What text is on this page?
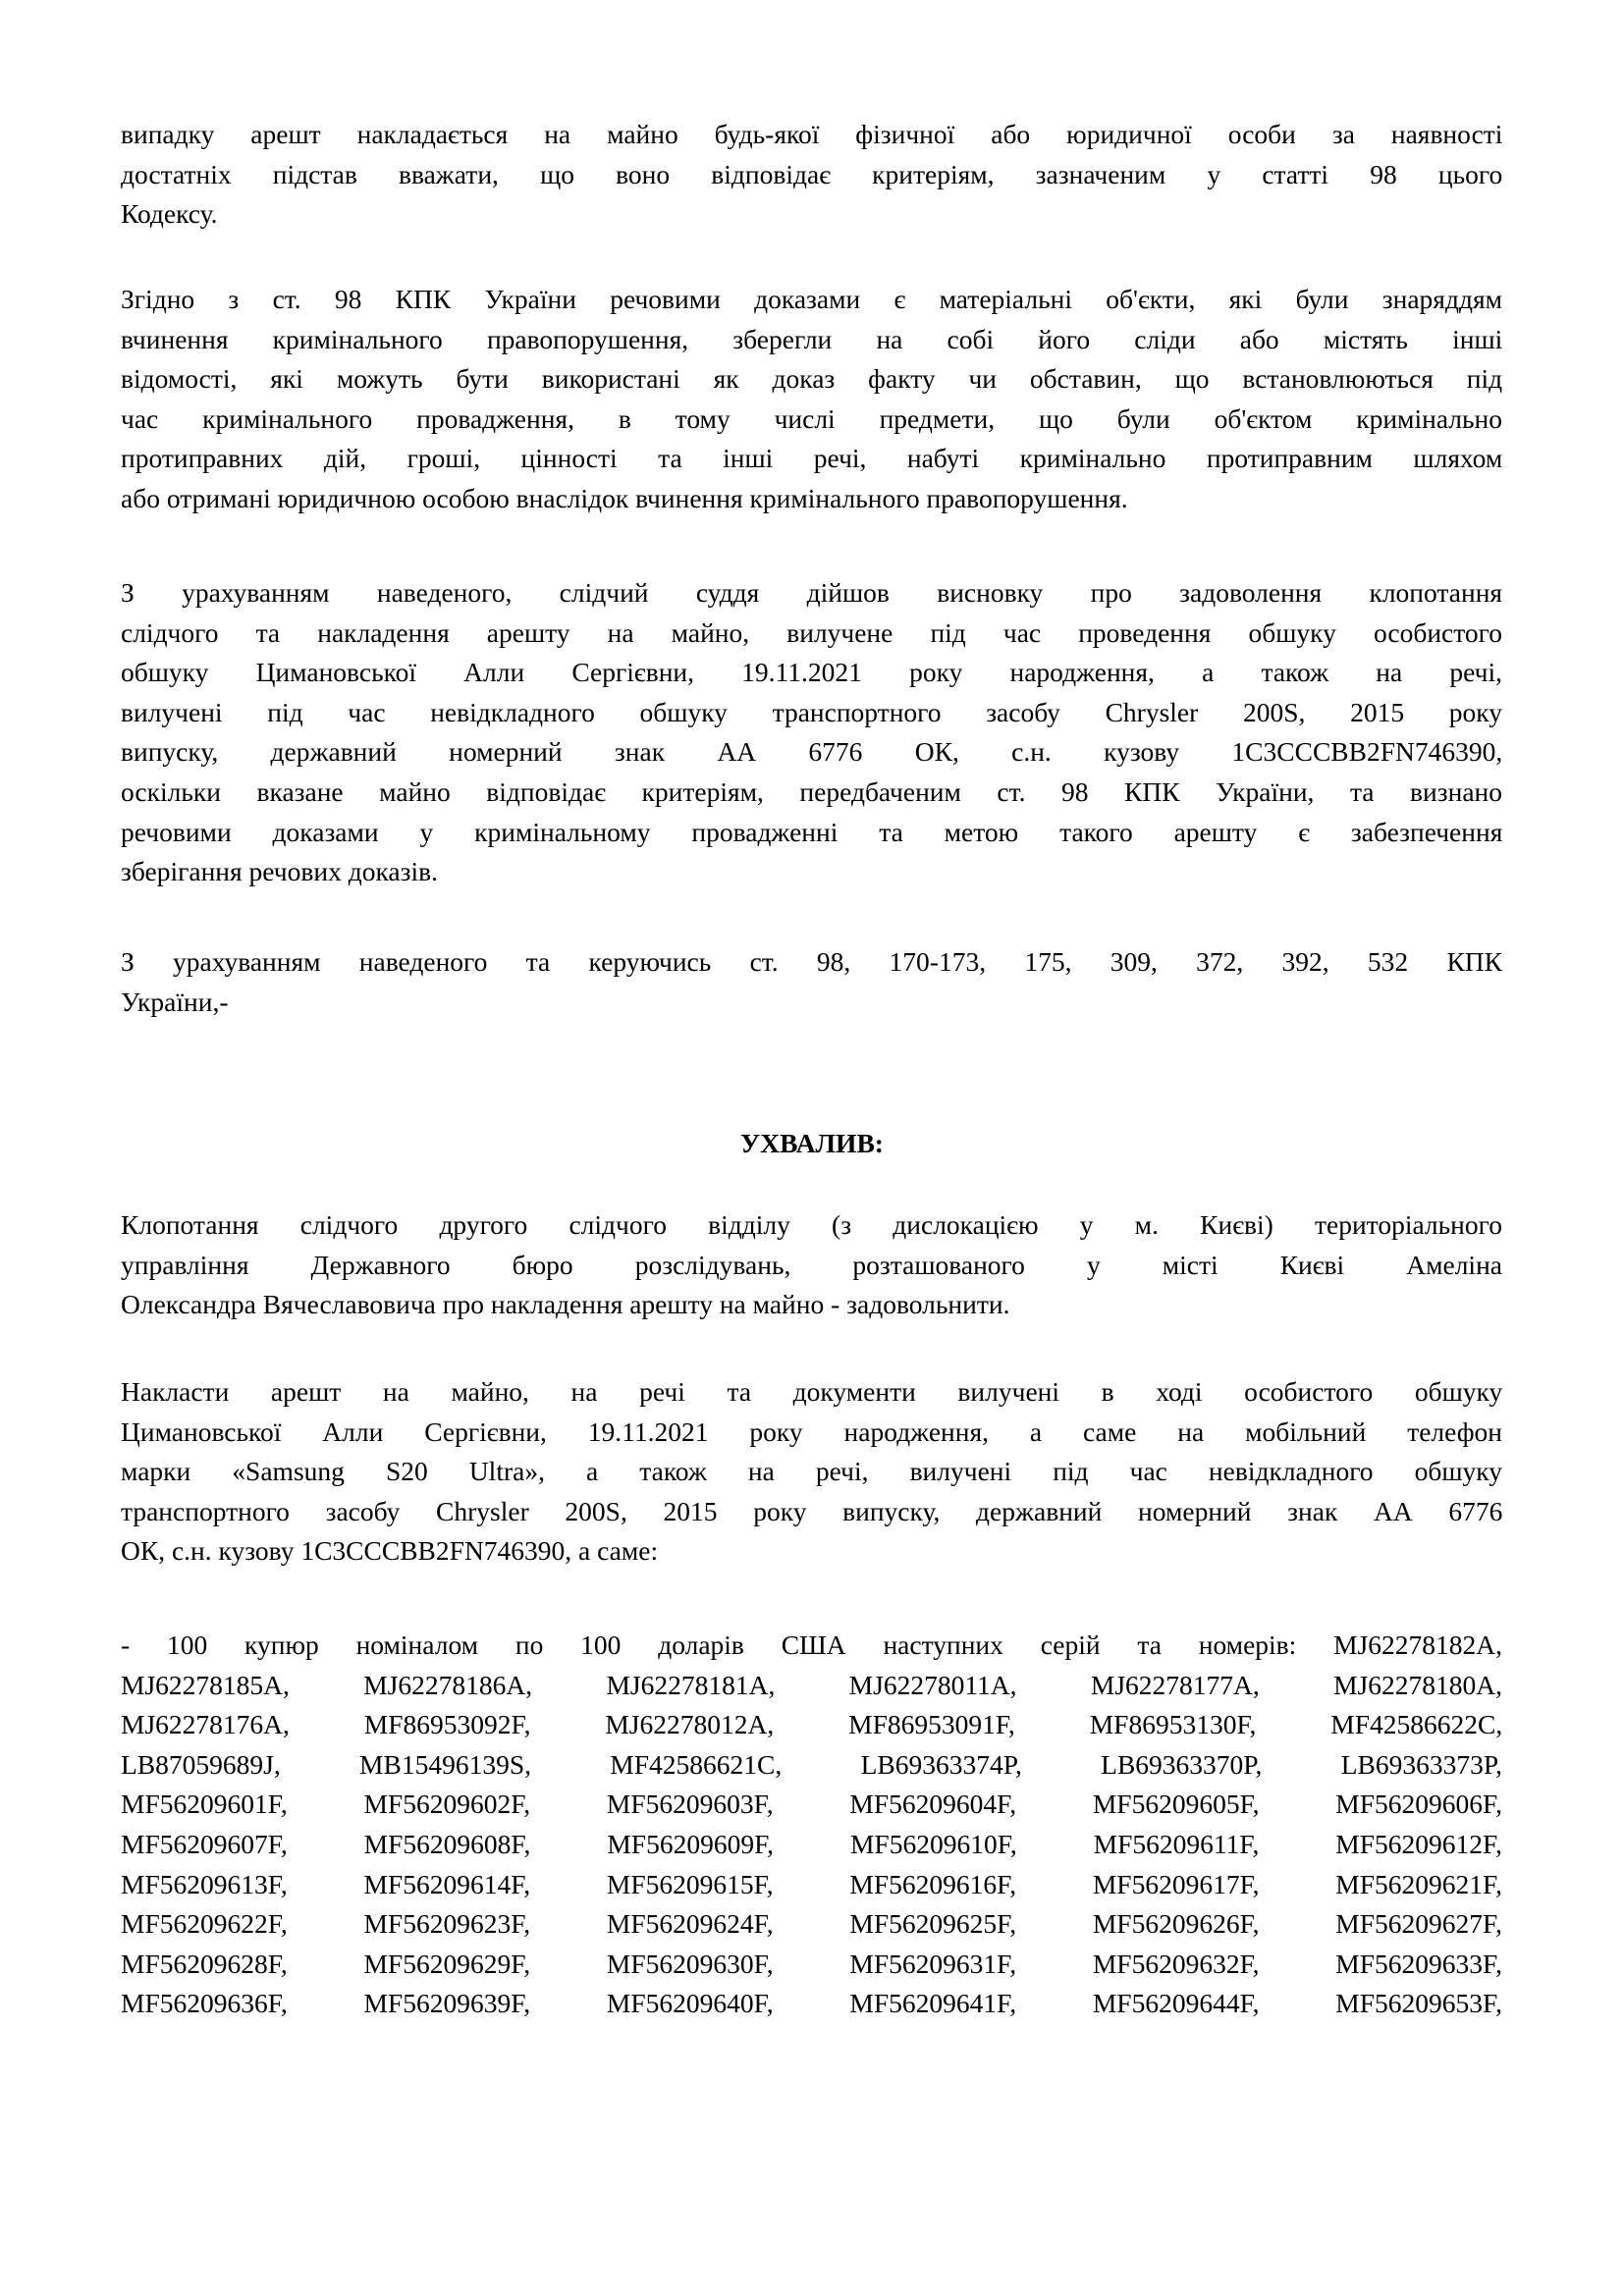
випадку арешт накладається на майно будь-якої фізичної або юридичної особи за наявності
достатніх підстав вважати, що воно відповідає критеріям, зазначеним у статті 98 цього
Кодексу.

Згідно з ст. 98 КПК України речовими доказами є матеріальні об'єкти, які були знаряддям
вчинення кримінального правопорушення, зберегли на собі його сліди або містять інші
відомості, які можуть бути використані як доказ факту чи обставин, що встановлюються під
час кримінального провадження, в тому числі предмети, що були об'єктом кримінально
протиправних дій, гроші, цінності та інші речі, набуті кримінально протиправним шляхом
або отримані юридичною особою внаслідок вчинення кримінального правопорушення.

З урахуванням наведеного, слідчий суддя дійшов висновку про задоволення клопотання
слідчого та накладення арешту на майно, вилучене під час проведення обшуку особистого
обшуку Цимановської Алли Сергієвни, 19.11.2021 року народження, а також на речі,
вилучені під час невідкладного обшуку транспортного засобу Chrysler 200S, 2015 року
випуску, державний номерний знак АА 6776 ОК, с.н. кузову 1C3CCCBB2FN746390,
оскільки вказане майно відповідає критеріям, передбаченим ст. 98 КПК України, та визнано
речовими доказами у кримінальному провадженні та метою такого арешту є забезпечення
зберігання речових доказів.

З урахуванням наведеного та керуючись ст. 98, 170-173, 175, 309, 372, 392, 532 КПК
України,-

УХВАЛИВ:

Клопотання слідчого другого слідчого відділу (з дислокацією у м. Києві) територіального
управління Державного бюро розслідувань, розташованого у місті Києві Амеліна
Олександра Вячеславовича про накладення арешту на майно - задовольнити.

Накласти арешт на майно, на речі та документи вилучені в ході особистого обшуку
Цимановської Алли Сергієвни, 19.11.2021 року народження, а саме на мобільний телефон
марки «Samsung S20 Ultra», а також на речі, вилучені під час невідкладного обшуку
транспортного засобу Chrysler 200S, 2015 року випуску, державний номерний знак АА 6776
ОК, с.н. кузову 1C3CCCBB2FN746390, а саме:

- 100 купюр номіналом по 100 доларів США наступних серій та номерів: MJ62278182A,
MJ62278185A, MJ62278186A, MJ62278181A, MJ62278011A, MJ62278177A, MJ62278180A,
MJ62278176A, MF86953092F, MJ62278012A, MF86953091F, MF86953130F, MF42586622C,
LB87059689J, MB15496139S, MF42586621C, LB69363374P, LB69363370P, LB69363373P,
MF56209601F, MF56209602F, MF56209603F, MF56209604F, MF56209605F, MF56209606F,
MF56209607F, MF56209608F, MF56209609F, MF56209610F, MF56209611F, MF56209612F,
MF56209613F, MF56209614F, MF56209615F, MF56209616F, MF56209617F, MF56209621F,
MF56209622F, MF56209623F, MF56209624F, MF56209625F, MF56209626F, MF56209627F,
MF56209628F, MF56209629F, MF56209630F, MF56209631F, MF56209632F, MF56209633F,
MF56209636F, MF56209639F, MF56209640F, MF56209641F, MF56209644F, MF56209653F,
